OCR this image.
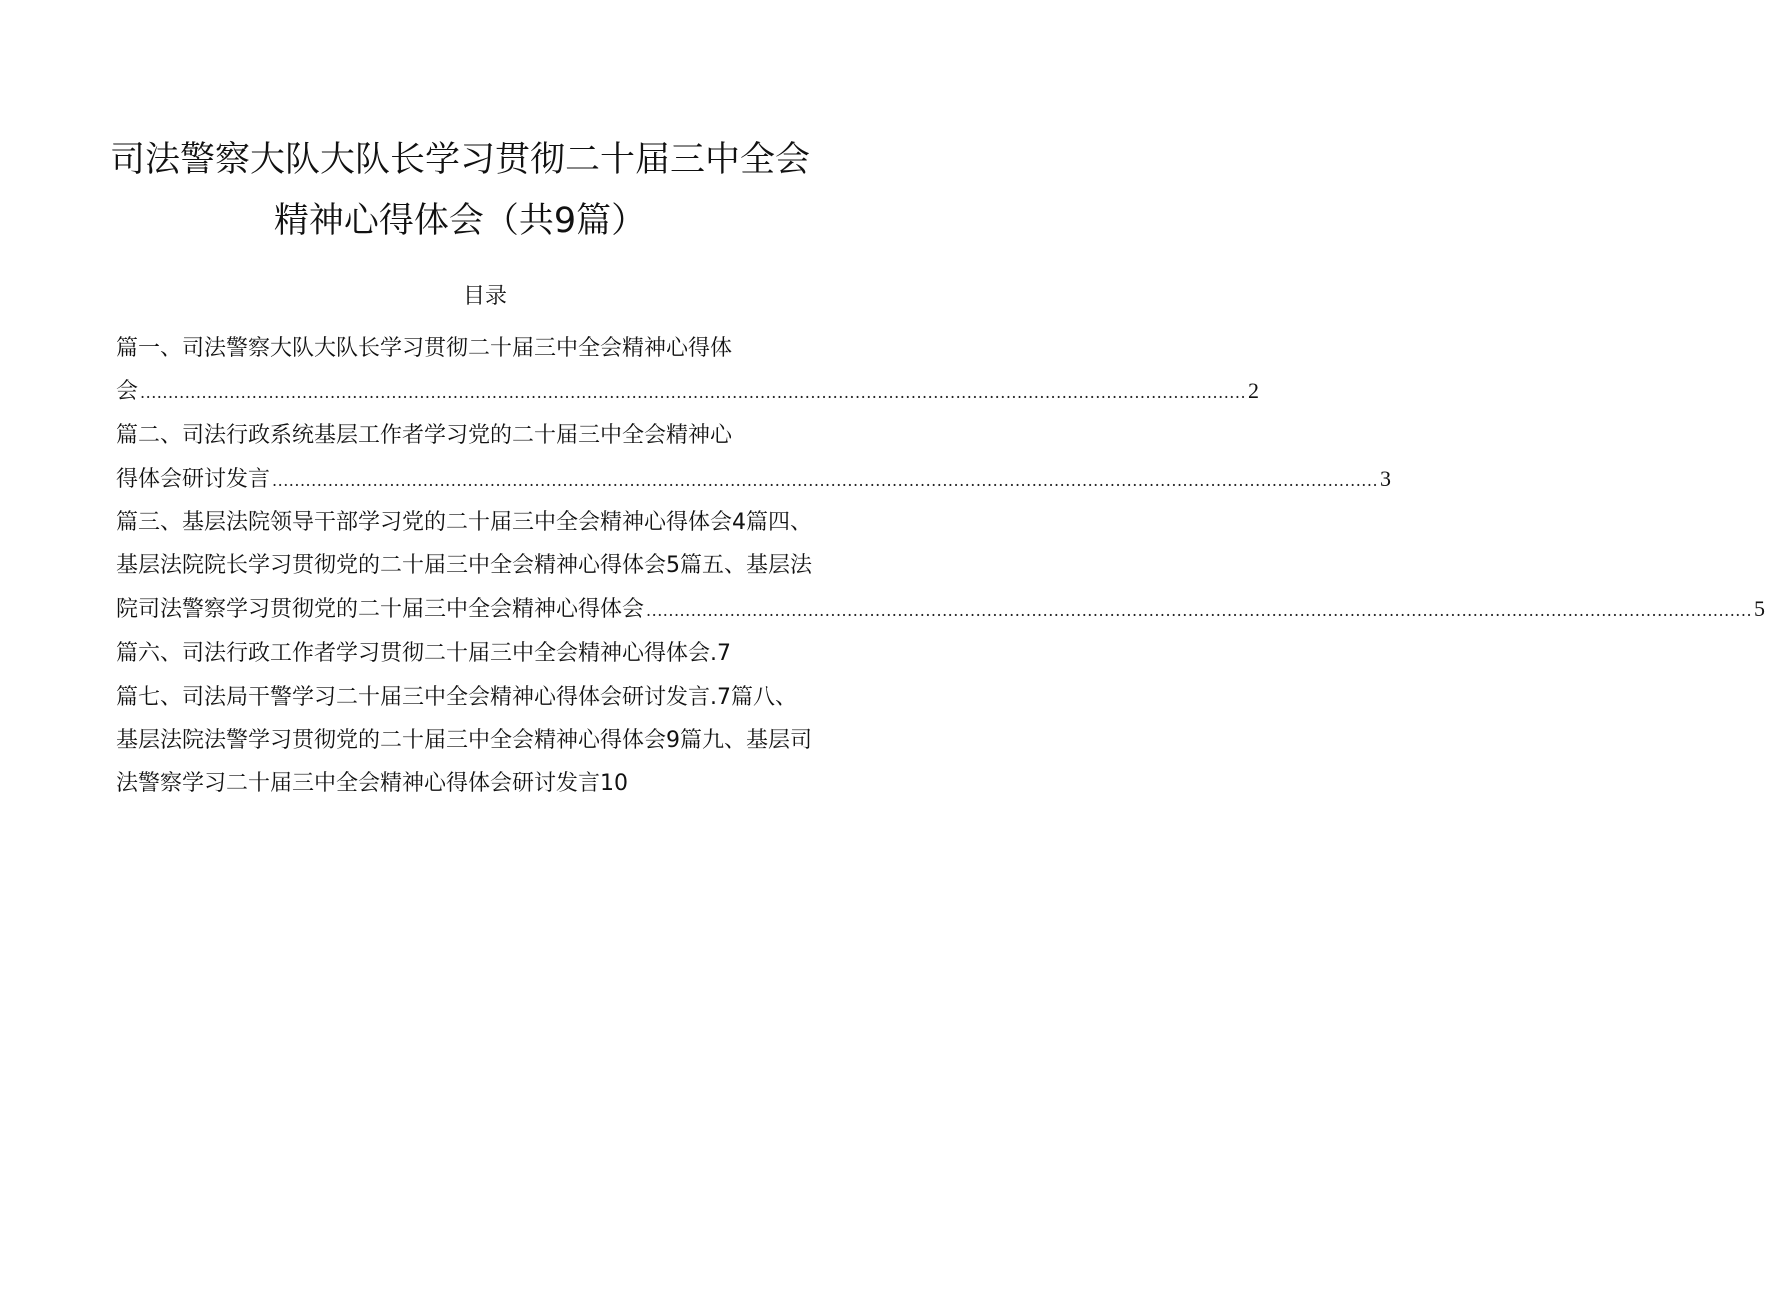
司法警察大队大队长学习贯彻二十届三中全会
精神心得体会（共9篇）
目录
篇一、司法警察大队大队长学习贯彻二十届三中全会精神心得体
会 ...................................................................................................................................................................................................... 2
篇二、司法行政系统基层工作者学习党的二十届三中全会精神心
得体会研讨发言 ...................................................................................................................................................................................................... 3
篇三、基层法院领导干部学习党的二十届三中全会精神心得体会4篇四、
基层法院院长学习贯彻党的二十届三中全会精神心得体会5篇五、基层法
院司法警察学习贯彻党的二十届三中全会精神心得体会 ...................................................................................................................................................................................................... 5
篇六、司法行政工作者学习贯彻二十届三中全会精神心得体会.7
篇七、司法局干警学习二十届三中全会精神心得体会研讨发言.7篇八、
基层法院法警学习贯彻党的二十届三中全会精神心得体会9篇九、基层司
法警察学习二十届三中全会精神心得体会研讨发言10
